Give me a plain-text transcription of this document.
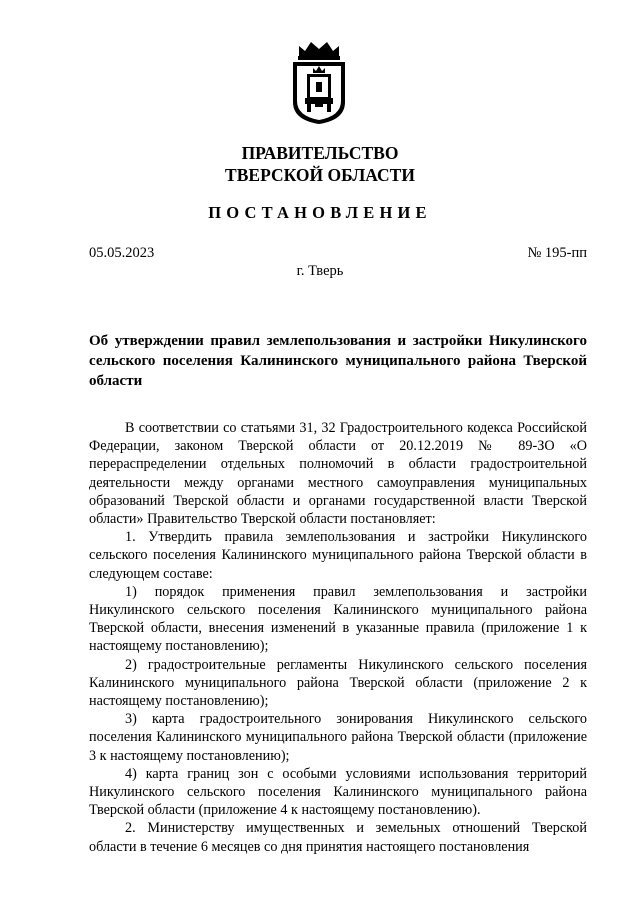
ПРАВИТЕЛЬСТВО
ТВЕРСКОЙ ОБЛАСТИ
ПОСТАНОВЛЕНИЕ
05.05.2023	№ 195-пп
г. Тверь

Об утверждении правил землепользования и застройки Никулинского сельского поселения Калининского муниципального района Тверской области

В соответствии со статьями 31, 32 Градостроительного кодекса Российской Федерации, законом Тверской области от 20.12.2019 № 89-ЗО «О перераспределении отдельных полномочий в области градостроительной деятельности между органами местного самоуправления муниципальных образований Тверской области и органами государственной власти Тверской области» Правительство Тверской области постановляет:

1. Утвердить правила землепользования и застройки Никулинского сельского поселения Калининского муниципального района Тверской области в следующем составе:

1) порядок применения правил землепользования и застройки Никулинского сельского поселения Калининского муниципального района Тверской области, внесения изменений в указанные правила (приложение 1 к настоящему постановлению);

2) градостроительные регламенты Никулинского сельского поселения Калининского муниципального района Тверской области (приложение 2 к настоящему постановлению);

3) карта градостроительного зонирования Никулинского сельского поселения Калининского муниципального района Тверской области (приложение 3 к настоящему постановлению);

4) карта границ зон с особыми условиями использования территорий Никулинского сельского поселения Калининского муниципального района Тверской области (приложение 4 к настоящему постановлению).

2. Министерству имущественных и земельных отношений Тверской области в течение 6 месяцев со дня принятия настоящего постановления
